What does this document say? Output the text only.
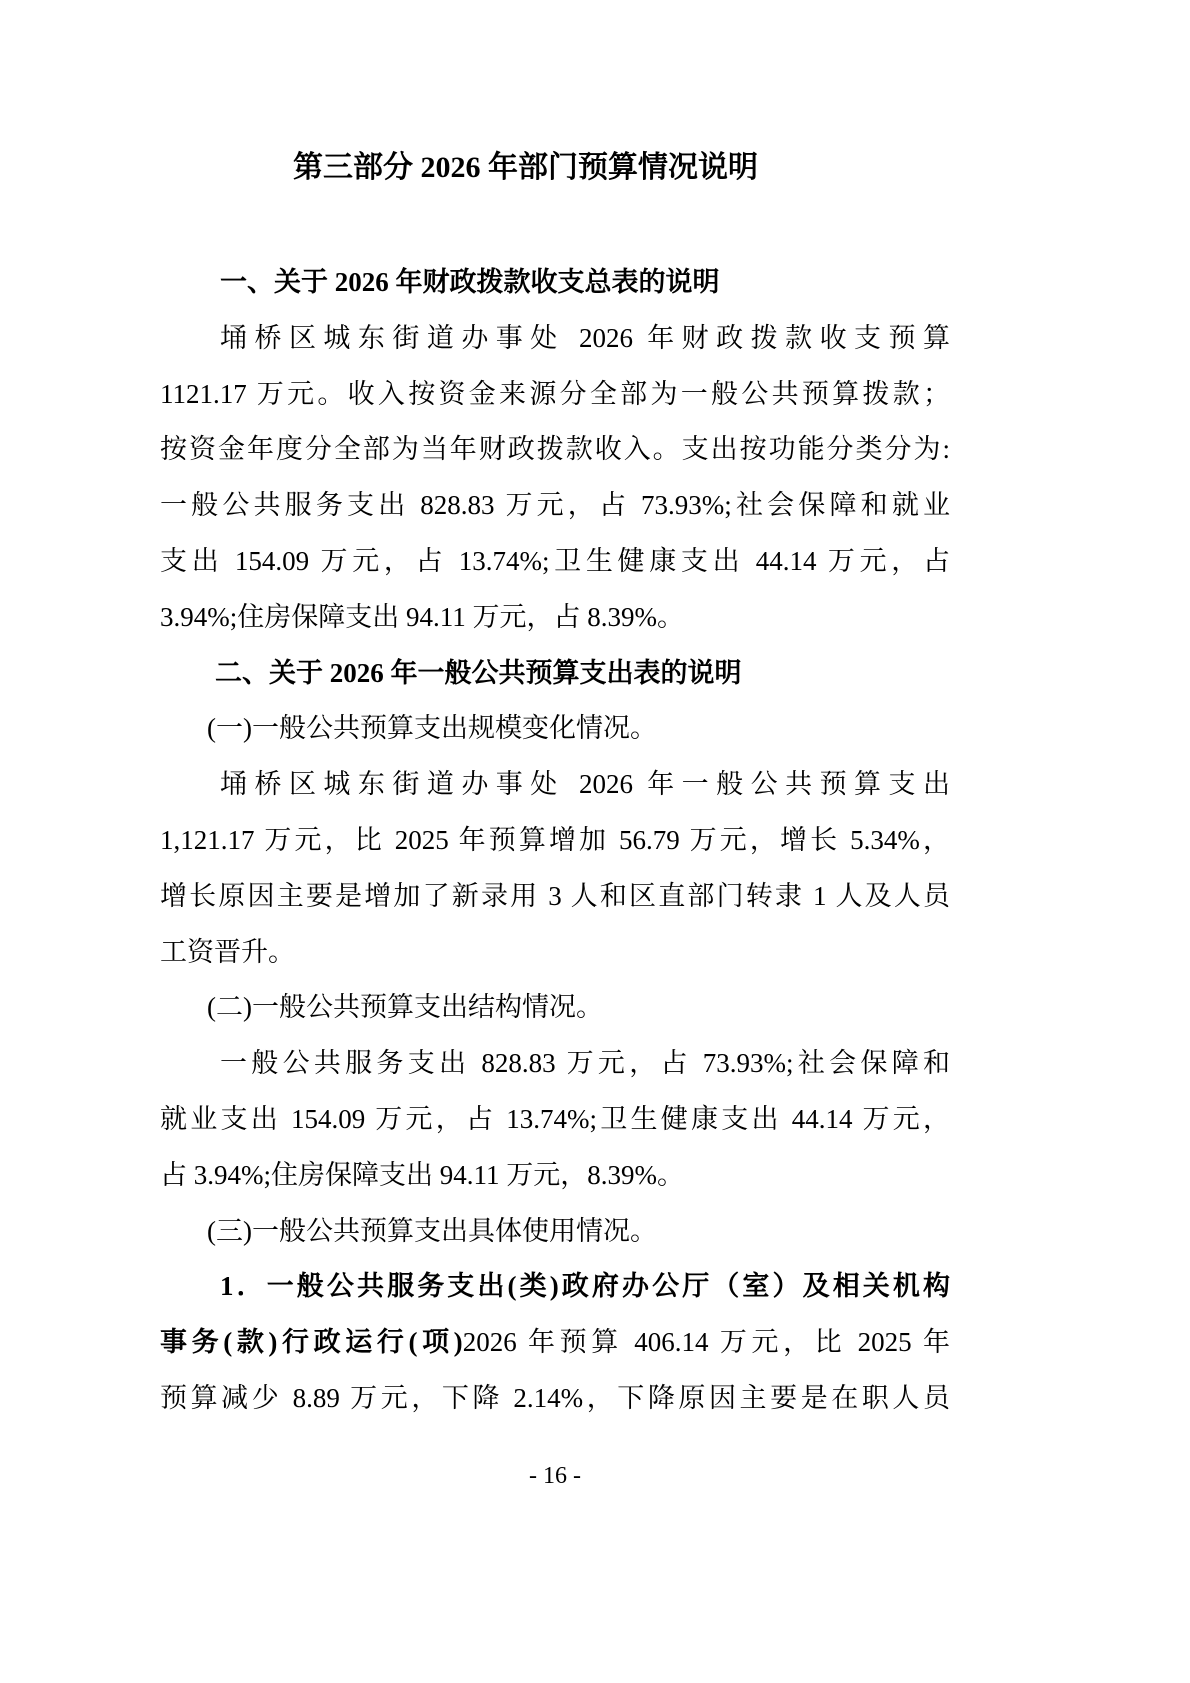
第三部分 2026 年部门预算情况说明
一、关于 2026 年财政拨款收支总表的说明
埇桥区城东街道办事处 2026 年财政拨款收支预算
1121.17 万元。收入按资金来源分全部为一般公共预算拨款；
按资金年度分全部为当年财政拨款收入。支出按功能分类分为:
一般公共服务支出 828.83 万元，占 73.93%;社会保障和就业
支出 154.09 万元，占 13.74%;卫生健康支出 44.14 万元，占
3.94%;住房保障支出 94.11 万元，占 8.39%。
二、关于 2026 年一般公共预算支出表的说明
(一)一般公共预算支出规模变化情况。
埇桥区城东街道办事处 2026 年一般公共预算支出
1,121.17 万元，比 2025 年预算增加 56.79 万元，增长 5.34%，
增长原因主要是增加了新录用 3 人和区直部门转隶 1 人及人员
工资晋升。
(二)一般公共预算支出结构情况。
一般公共服务支出 828.83 万元，占 73.93%;社会保障和
就业支出 154.09 万元，占 13.74%;卫生健康支出 44.14 万元，
占 3.94%;住房保障支出 94.11 万元，8.39%。
(三)一般公共预算支出具体使用情况。
1．一般公共服务支出(类)政府办公厅（室）及相关机构
事务(款)行政运行(项)2026 年预算 406.14 万元，比 2025 年
预算减少 8.89 万元，下降 2.14%，下降原因主要是在职人员
- 16 -
